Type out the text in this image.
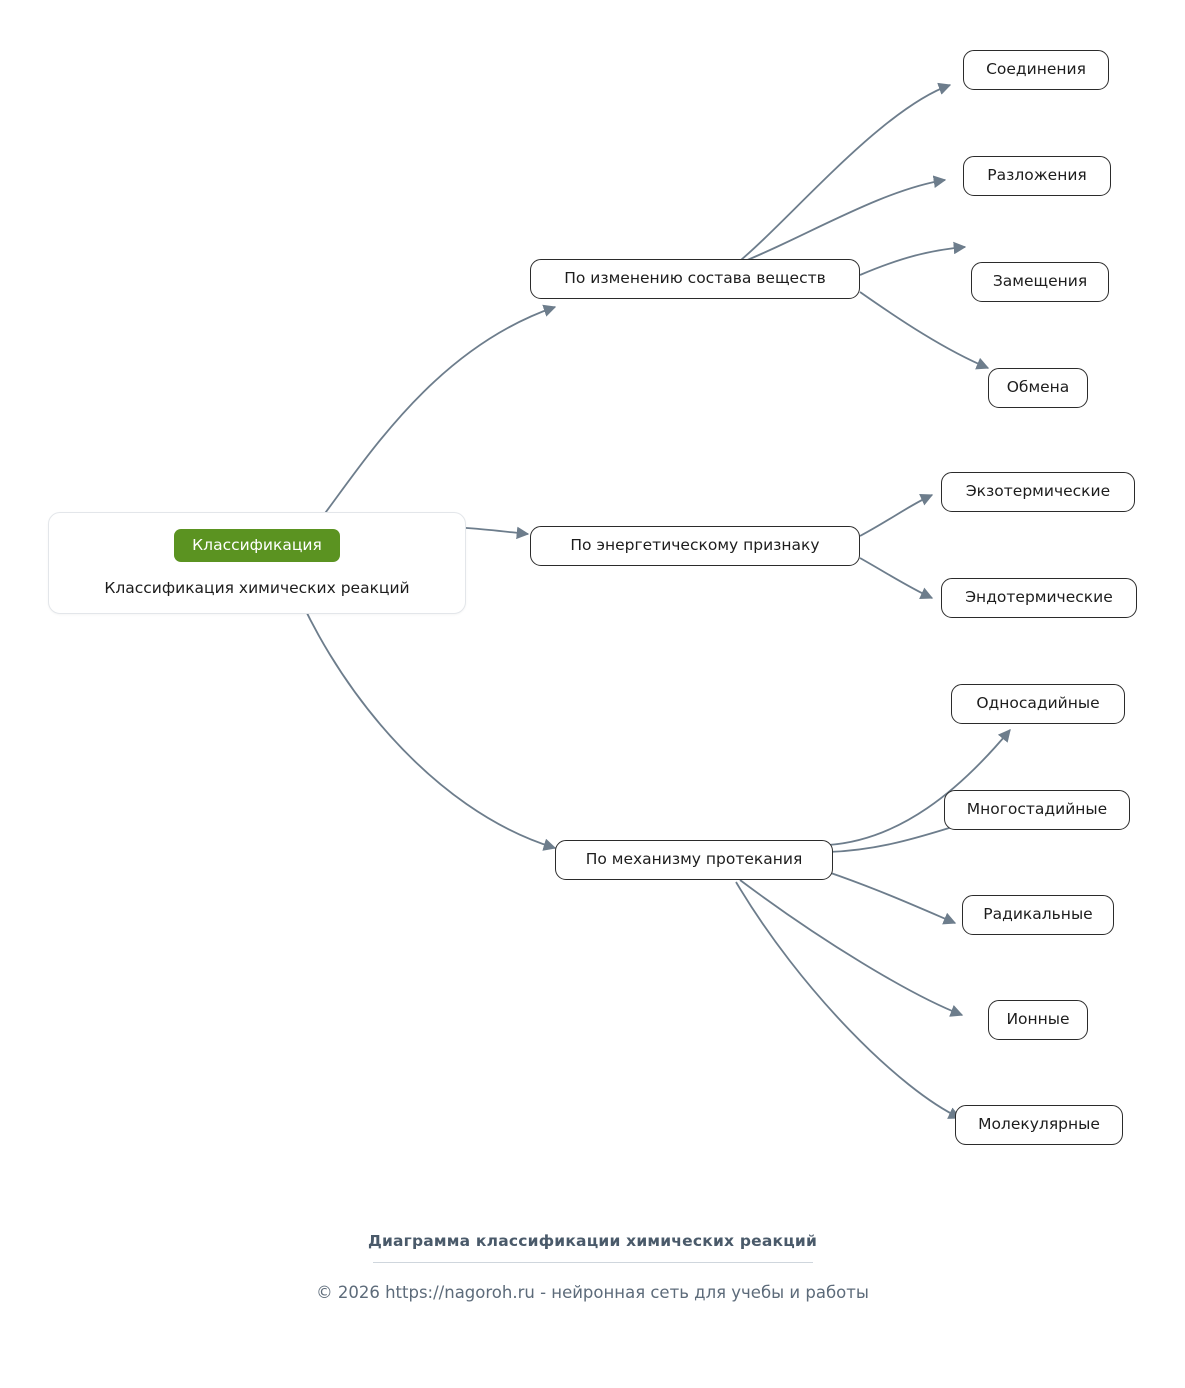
Классификация
Классификация химических реакций
По изменению состава веществ
Соединения
Разложения
Замещения
Обмена
По энергетическому признаку
Экзотермические
Эндотермические
По механизму протекания
Односадийные
Многостадийные
Радикальные
Ионные
Молекулярные
Диаграмма классификации химических реакций
© 2026 https://nagoroh.ru - нейронная сеть для учебы и работы
